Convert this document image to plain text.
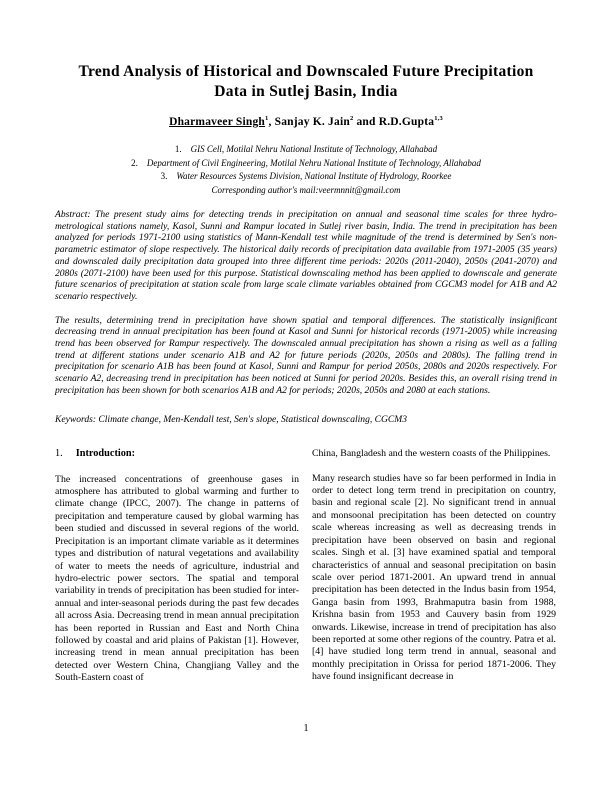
Trend Analysis of Historical and Downscaled Future Precipitation
Data in Sutlej Basin, India
Dharmaveer Singh$^1$, Sanjay K. Jain$^2$ and R.D.Gupta$^{1,3}$
1. GIS Cell, Motilal Nehru National Institute of Technology, Allahabad
2. Department of Civil Engineering, Motilal Nehru National Institute of Technology, Allahabad
3. Water Resources Systems Division, National Institute of Hydrology, Roorkee
Corresponding author's mail:veermnnit@gmail.com

Abstract: The present study aims for detecting trends in precipitation on annual and seasonal time scales for three hydro-metrological stations namely, Kasol, Sunni and Rampur located in Sutlej river basin, India. The trend in precipitation has been analyzed for periods 1971-2100 using statistics of Mann-Kendall test while magnitude of the trend is determined by Sen's non-parametric estimator of slope respectively. The historical daily records of precipitation data available from 1971-2005 (35 years) and downscaled daily precipitation data grouped into three different time periods: 2020s (2011-2040), 2050s (2041-2070) and 2080s (2071-2100) have been used for this purpose. Statistical downscaling method has been applied to downscale and generate future scenarios of precipitation at station scale from large scale climate variables obtained from CGCM3 model for A1B and A2 scenario respectively.

The results, determining trend in precipitation have shown spatial and temporal differences. The statistically insignificant decreasing trend in annual precipitation has been found at Kasol and Sunni for historical records (1971-2005) while increasing trend has been observed for Rampur respectively. The downscaled annual precipitation has shown a rising as well as a falling trend at different stations under scenario A1B and A2 for future periods (2020s, 2050s and 2080s). The falling trend in precipitation for scenario A1B has been found at Kasol, Sunni and Rampur for period 2050s, 2080s and 2020s respectively. For scenario A2, decreasing trend in precipitation has been noticed at Sunni for period 2020s. Besides this, an overall rising trend in precipitation has been shown for both scenarios A1B and A2 for periods; 2020s, 2050s and 2080 at each stations.

Keywords: Climate change, Men-Kendall test, Sen's slope, Statistical downscaling, CGCM3

1. Introduction:

The increased concentrations of greenhouse gases in atmosphere has attributed to global warming and further to climate change (IPCC, 2007). The change in patterns of precipitation and temperature caused by global warming has been studied and discussed in several regions of the world. Precipitation is an important climate variable as it determines types and distribution of natural vegetations and availability of water to meets the needs of agriculture, industrial and hydro-electric power sectors. The spatial and temporal variability in trends of precipitation has been studied for inter-annual and inter-seasonal periods during the past few decades all across Asia. Decreasing trend in mean annual precipitation has been reported in Russian and East and North China followed by coastal and arid plains of Pakistan [1]. However, increasing trend in mean annual precipitation has been detected over Western China, Changjiang Valley and the South-Eastern coast of

China, Bangladesh and the western coasts of the Philippines.

Many research studies have so far been performed in India in order to detect long term trend in precipitation on country, basin and regional scale [2]. No significant trend in annual and monsoonal precipitation has been detected on country scale whereas increasing as well as decreasing trends in precipitation have been observed on basin and regional scales. Singh et al. [3] have examined spatial and temporal characteristics of annual and seasonal precipitation on basin scale over period 1871-2001. An upward trend in annual precipitation has been detected in the Indus basin from 1954, Ganga basin from 1993, Brahmaputra basin from 1988, Krishna basin from 1953 and Cauvery basin from 1929 onwards. Likewise, increase in trend of precipitation has also been reported at some other regions of the country. Patra et al. [4] have studied long term trend in annual, seasonal and monthly precipitation in Orissa for period 1871-2006. They have found insignificant decrease in

1
